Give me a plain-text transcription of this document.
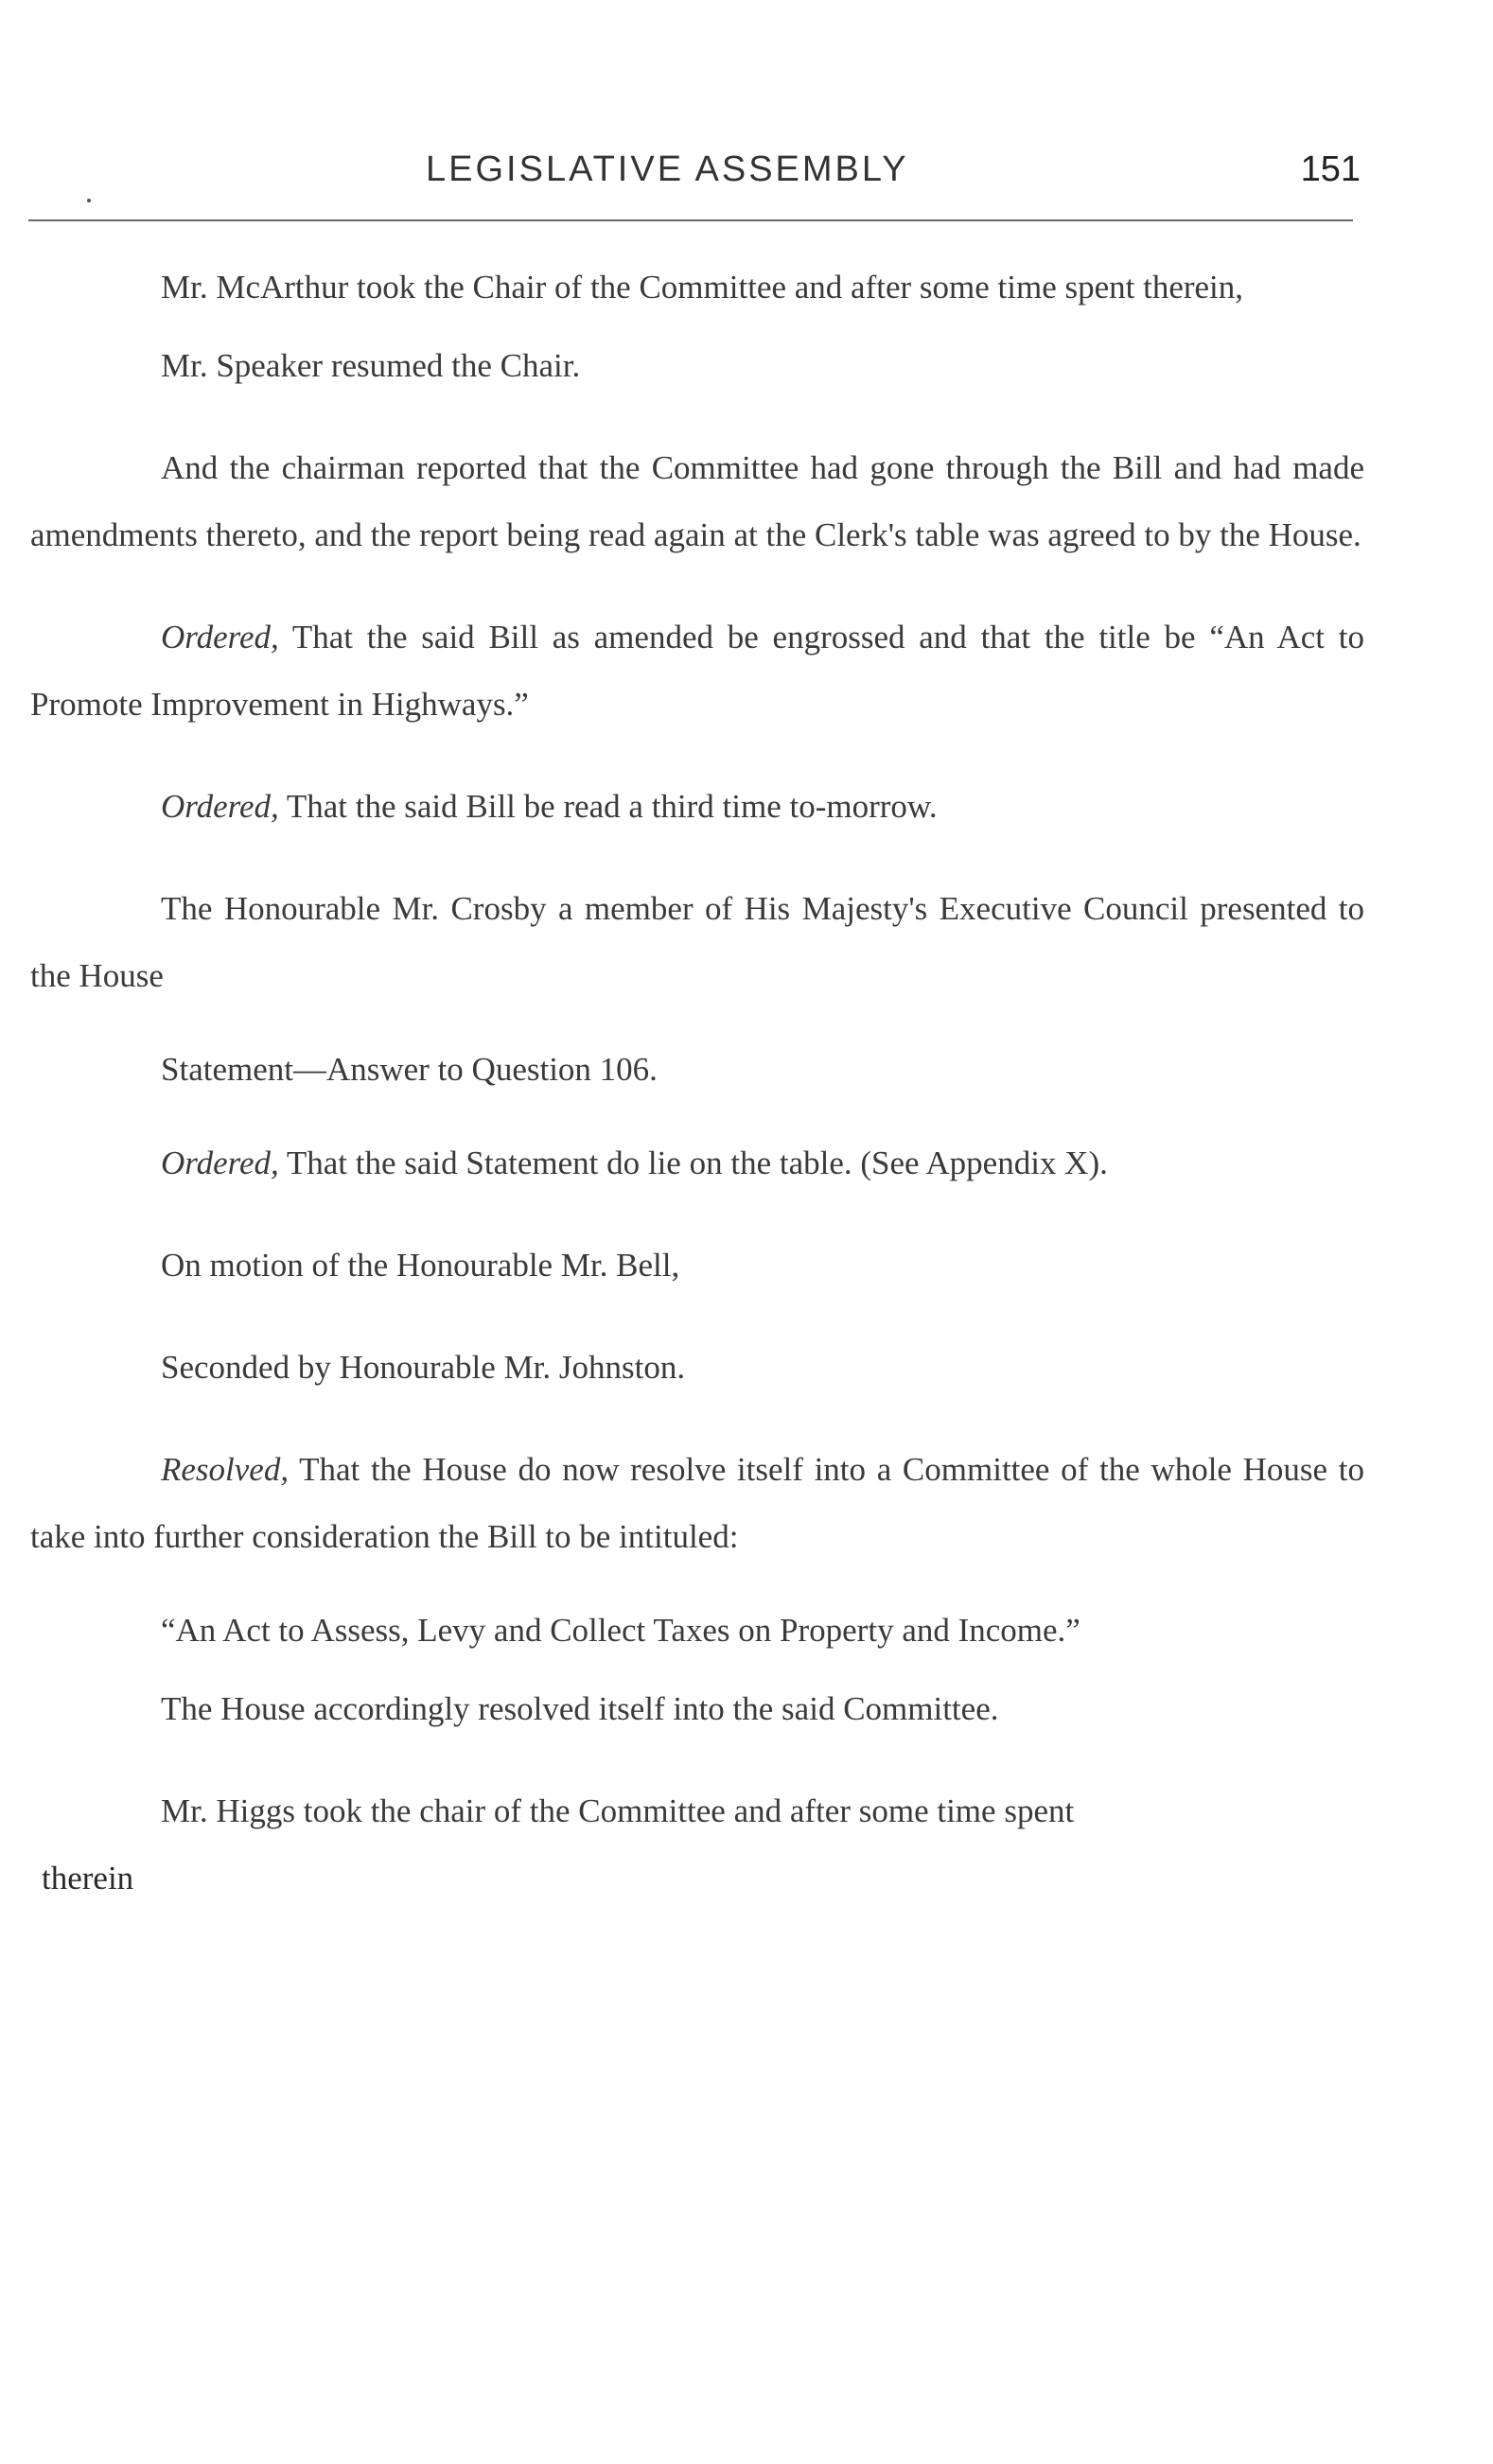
LEGISLATIVE ASSEMBLY	151

Mr. McArthur took the Chair of the Committee and after some time spent therein,

Mr. Speaker resumed the Chair.

And the chairman reported that the Committee had gone through the Bill and had made amendments thereto, and the report being read again at the Clerk's table was agreed to by the House.

Ordered, That the said Bill as amended be engrossed and that the title be “An Act to Promote Improvement in Highways.”

Ordered, That the said Bill be read a third time to-morrow.

The Honourable Mr. Crosby a member of His Majesty's Executive Council presented to the House

Statement—Answer to Question 106.

Ordered, That the said Statement do lie on the table. (See Appendix X).

On motion of the Honourable Mr. Bell,

Seconded by Honourable Mr. Johnston.

Resolved, That the House do now resolve itself into a Committee of the whole House to take into further consideration the Bill to be intituled:

“An Act to Assess, Levy and Collect Taxes on Property and Income.”

The House accordingly resolved itself into the said Committee.

Mr. Higgs took the chair of the Committee and after some time spent

therein
